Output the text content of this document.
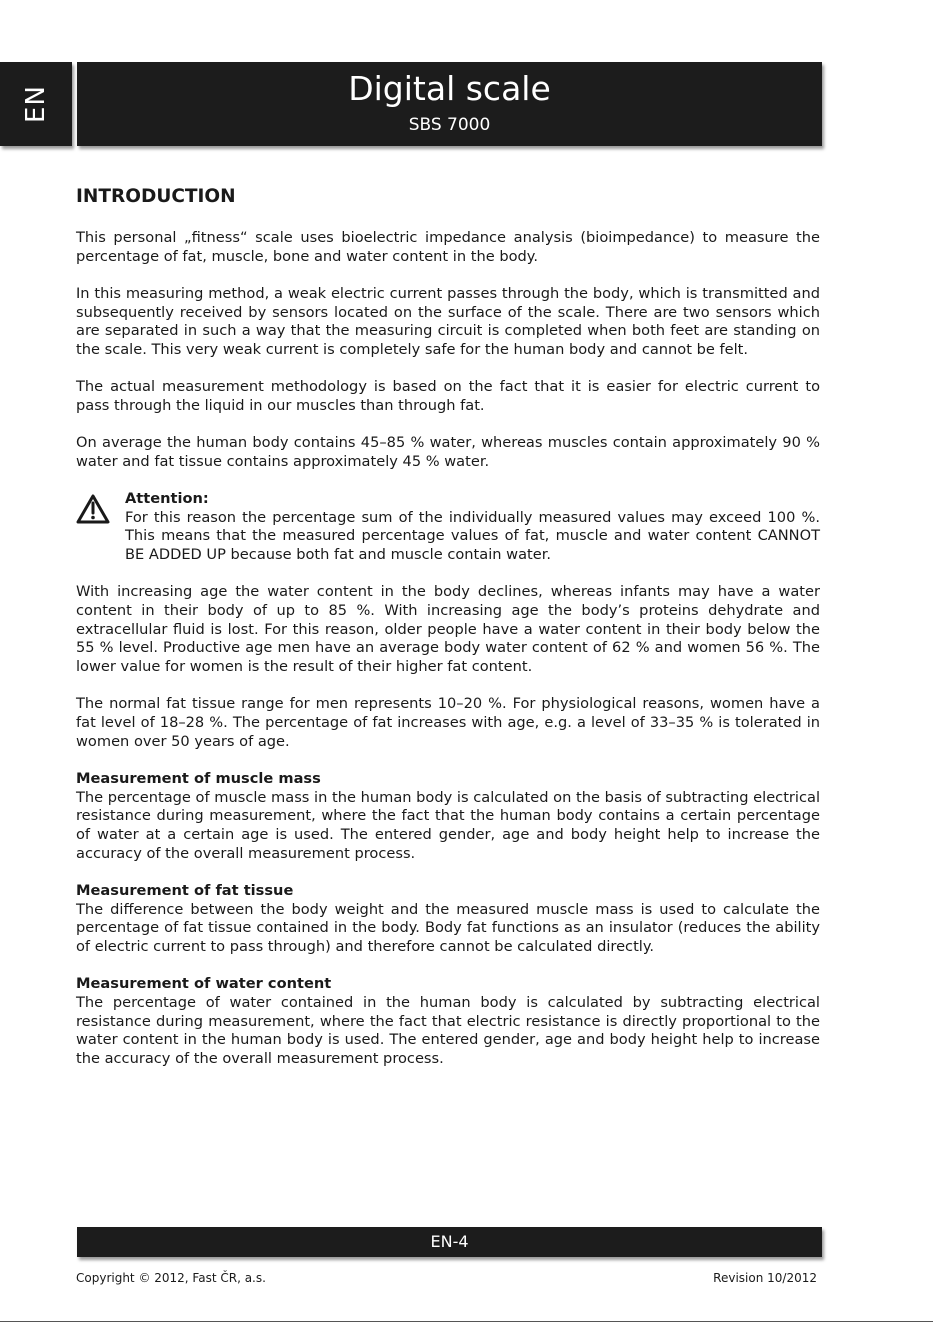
EN	Digital scale
SBS 7000
INTRODUCTION

This personal „fitness“ scale uses bioelectric impedance analysis (bioimpedance) to measure the percentage of fat, muscle, bone and water content in the body.

In this measuring method, a weak electric current passes through the body, which is transmitted and subsequently received by sensors located on the surface of the scale. There are two sensors which are separated in such a way that the measuring circuit is completed when both feet are standing on the scale. This very weak current is completely safe for the human body and cannot be felt.

The actual measurement methodology is based on the fact that it is easier for electric current to pass through the liquid in our muscles than through fat.

On average the human body contains 45–85 % water, whereas muscles contain approximately 90 % water and fat tissue contains approximately 45 % water.

Attention:

For this reason the percentage sum of the individually measured values may exceed 100 %. This means that the measured percentage values of fat, muscle and water content CANNOT BE ADDED UP because both fat and muscle contain water.

With increasing age the water content in the body declines, whereas infants may have a water content in their body of up to 85 %. With increasing age the body’s proteins dehydrate and extracellular fluid is lost. For this reason, older people have a water content in their body below the 55 % level. Productive age men have an average body water content of 62 % and women 56 %. The lower value for women is the result of their higher fat content.

The normal fat tissue range for men represents 10–20 %. For physiological reasons, women have a fat level of 18–28 %. The percentage of fat increases with age, e.g. a level of 33–35 % is tolerated in women over 50 years of age.

Measurement of muscle mass

The percentage of muscle mass in the human body is calculated on the basis of subtracting electrical resistance during measurement, where the fact that the human body contains a certain percentage of water at a certain age is used. The entered gender, age and body height help to increase the accuracy of the overall measurement process.

Measurement of fat tissue

The difference between the body weight and the measured muscle mass is used to calculate the percentage of fat tissue contained in the body. Body fat functions as an insulator (reduces the ability of electric current to pass through) and therefore cannot be calculated directly.

Measurement of water content

The percentage of water contained in the human body is calculated by subtracting electrical resistance during measurement, where the fact that electric resistance is directly proportional to the water content in the human body is used. The entered gender, age and body height help to increase the accuracy of the overall measurement process.

EN-4
Copyright © 2012, Fast ČR, a.s.	Revision 10/2012
